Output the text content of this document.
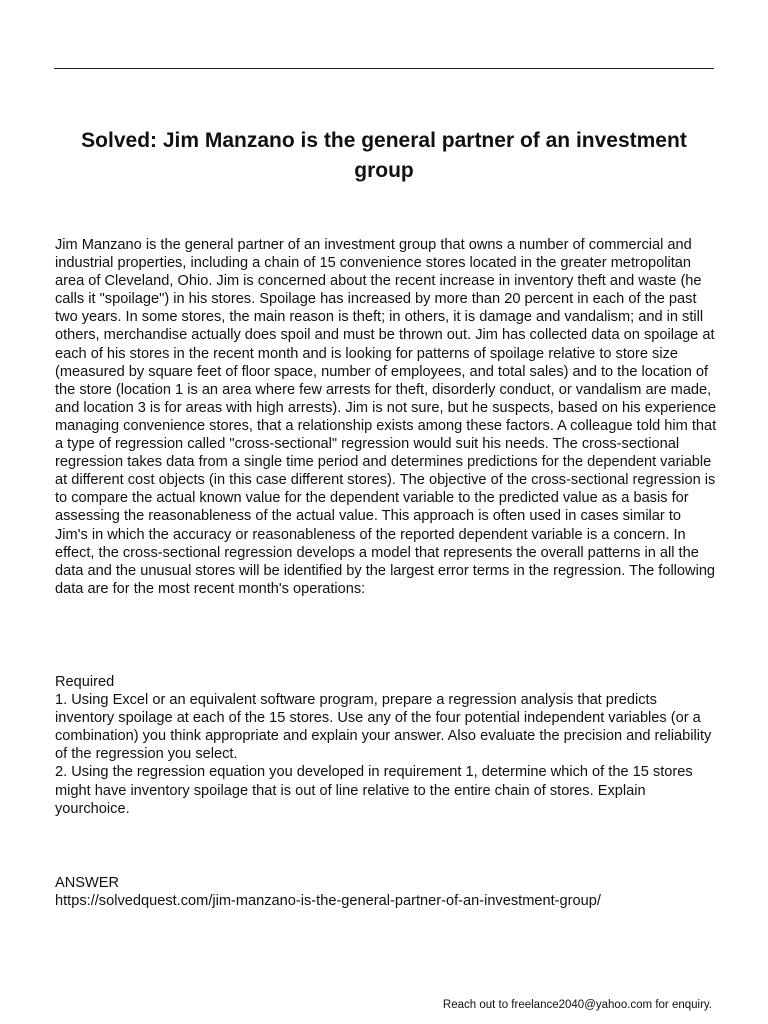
Solved: Jim Manzano is the general partner of an investment group

Jim Manzano is the general partner of an investment group that owns a number of commercial and industrial properties, including a chain of 15 convenience stores located in the greater metropolitan area of Cleveland, Ohio. Jim is concerned about the recent increase in inventory theft and waste (he calls it "spoilage") in his stores. Spoilage has increased by more than 20 percent in each of the past two years. In some stores, the main reason is theft; in others, it is damage and vandalism; and in still others, merchandise actually does spoil and must be thrown out. Jim has collected data on spoilage at each of his stores in the recent month and is looking for patterns of spoilage relative to store size (measured by square feet of floor space, number of employees, and total sales) and to the location of the store (location 1 is an area where few arrests for theft, disorderly conduct, or vandalism are made, and location 3 is for areas with high arrests). Jim is not sure, but he suspects, based on his experience managing convenience stores, that a relationship exists among these factors. A colleague told him that a type of regression called "cross-sectional" regression would suit his needs. The cross-sectional regression takes data from a single time period and determines predictions for the dependent variable at different cost objects (in this case different stores). The objective of the cross-sectional regression is to compare the actual known value for the dependent variable to the predicted value as a basis for assessing the reasonableness of the actual value. This approach is often used in cases similar to Jim's in which the accuracy or reasonableness of the reported dependent variable is a concern. In effect, the cross-sectional regression develops a model that represents the overall patterns in all the data and the unusual stores will be identified by the largest error terms in the regression. The following data are for the most recent month's operations:

Required

1. Using Excel or an equivalent software program, prepare a regression analysis that predicts inventory spoilage at each of the 15 stores. Use any of the four potential independent variables (or a combination) you think appropriate and explain your answer. Also evaluate the precision and reliability of the regression you select.

2. Using the regression equation you developed in requirement 1, determine which of the 15 stores might have inventory spoilage that is out of line relative to the entire chain of stores. Explain yourchoice.

ANSWER

https://solvedquest.com/jim-manzano-is-the-general-partner-of-an-investment-group/

Reach out to freelance2040@yahoo.com for enquiry.
